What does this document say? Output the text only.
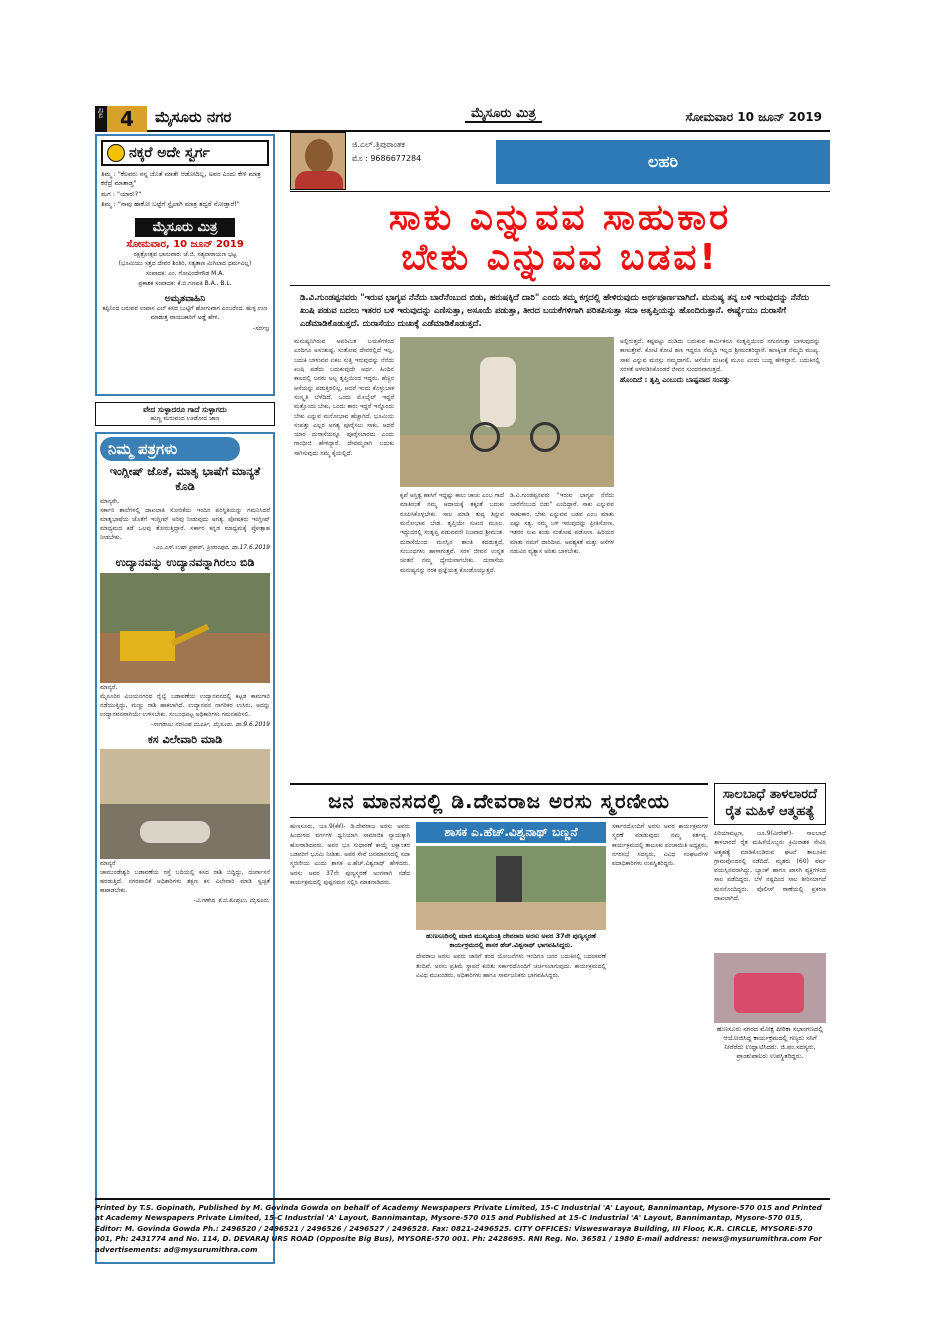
ಪುಟ 4	ಮೈಸೂರು ನಗರ	ಮೈಸೂರು ಮಿತ್ರ	ಸೋಮವಾರ 10 ಜೂನ್ 2019
ನಕ್ಕರೆ ಅದೇ ಸ್ವರ್ಗ
ತಿಮ್ಮ : "ಕೆಲವರು ನನ್ನ ಜೊತೆ ಮಾತೇ ಆಡೋದಿಲ್ಲ, ಅವರ ಎಂದು ಕೇಳಿ ಮಾತ್ರ ಕರೆದ್ರೆ ಮಾತಾಡ್ತ"
ಮಗ : "ಯಾರು?"
ತಿಮ್ಮ : "ನಾವು ಹಾಕೋ ಬಟ್ಟೆಗೆ ಸ್ಟೈಲಾಗಿ ಮಾತ್ರ ತದ್ವರೆ ನೋಡ್ತಾರೆ!"
ಮೈಸೂರು ಮಿತ್ರ
ಸೋಮವಾರ, 10 ಜೂನ್ 2019
ನಕ್ಷತ್ರೋತ್ಸವ ಭಾನುವಾರ: ಜೆ.ಜಿ. ಸತ್ಯನಾರಾಯಣ ಭಟ್ಟ
(ಭೂಮಿಯು ಸತ್ತದ ದೇವರ ಶಿಂತಿರಿ, ಸತ್ಯತಾಣ ಮಿಗಿಲಾದ ಧರ್ಮವಿಲ್ಲ)
ಸಂಪಾದಕ: ಎಂ. ಗೋವಿಂದೇಗೌಡ M.A.
ಪ್ರಕಾಶಕ ಸಂಪಾದಕ: ಕೆ.ಬಿ.ಗಣಪತಿ B.A., B.L.
ಅಮೃತವಾಹಿನಿ
ಕಪ್ಪಿನಿಂದ ಬರುವವ ಉಪಾಸ ಎಲ್ ಕಸದ ಬುಟ್ಟಿಗೆ ಹೋಗುವಾಗ ಎಂಬರೆಂದ. ಹುಳ್ಳ ಉಣ ಮಾಡುತ್ತ ವಾಯುಕಾರಿಗೆ ಅಡ್ಡೆ ಹೇಳಿ.
-ಸರ್ವಜ್ಞ
ವೇದ ಸುಳ್ಳಾದರೂ ಗಾದೆ ಸುಳ್ಳಾಗದು
ಹುಣ್ಣ ಮರುವಂದ ಊಡೋದ ಜಾಣ
ನಿಮ್ಮ ಪತ್ರಗಳು
ಇಂಗ್ಲೀಷ್ ಜೊತೆ, ಮಾತೃ ಭಾಷೆಗೆ ಮಾನ್ಯತೆ ಕೊಡಿ
ಮಾನ್ಯರೇ,
ಸರ್ಕಾರಿ ಶಾಲೆಗಳಲ್ಲಿ ದಾಖಲಾತಿ ಸೋರಿಕೆಯ ಇಂದಿನ ಪರಿಸ್ಥಿತಿಯನ್ನು ಗಮನಿಸಿದರೆ ಮಾತೃಭಾಷೆಯ ಜೊತೆಗೆ ಇಂಗ್ಲೀಷ್ ಅರಿವು ನೀಡುವುದು ಅಗತ್ಯ. ಪೋಷಕರು ಇಂಗ್ಲೀಷ್ ಮಾಧ್ಯಮದ ಕಡೆ ಒಲವು ತೋರುತ್ತಿದ್ದಾರೆ. ಸರ್ಕಾರ ಕನ್ನಡ ಮಾಧ್ಯಮಕ್ಕೆ ಪ್ರೋತ್ಸಾಹ ನೀಡಬೇಕು.
-ಎಂ.ಎಸ್.ಉಷಾ ಪ್ರಕಾಶ್, ಶ್ರೀರಾಂಪುರ, ಡಾ.17.6.2019
ಉದ್ಯಾನವನ್ನು ಉದ್ಯಾನವನ್ನಾಗಿರಲು ಬಿಡಿ
ಮಾನ್ಯರೆ,
ಮೈಸೂರಿನ ವಿಜಯನಗರದ ರೈಲ್ವೆ ಬಡಾವಣೆಯ ಉದ್ಯಾನವನದಲ್ಲಿ ಕಟ್ಟಡ ಕಾಮಗಾರಿ ನಡೆಯುತ್ತಿದ್ದು, ಮಣ್ಣು ರಾಶಿ ಹಾಕಲಾಗಿದೆ. ಉದ್ಯಾನವನ ನಾಗರಿಕರ ಉಸಿರು, ಅದನ್ನು ಉದ್ಯಾನವನವಾಗಿಯೇ ಉಳಿಸಬೇಕು. ಸಂಬಂಧಪಟ್ಟ ಅಧಿಕಾರಿಗಳು ಗಮನಹರಿಸಲಿ.
-ನಾಗರಾಜು ನರಸಿಂಹ ಮೂರ್ತಿ, ಮೈಸೂರು. ಡಾ.9.6.2019
ಕಸ ವಿಲೇವಾರಿ ಮಾಡಿ
ಮಾನ್ಯರೆ
ಚಾಮುಂಡೇಶ್ವರಿ ಬಡಾವಣೆಯ ರಸ್ತೆ ಬದಿಯಲ್ಲಿ ಕಸದ ರಾಶಿ ಬಿದ್ದಿದ್ದು, ದುರ್ವಾಸನೆ ಹರಡುತ್ತಿದೆ. ನಗರಪಾಲಿಕೆ ಅಧಿಕಾರಿಗಳು ತಕ್ಷಣ ಕಸ ವಿಲೇವಾರಿ ಮಾಡಿ ಸ್ವಚ್ಛತೆ ಕಾಪಾಡಬೇಕು.
-ವಿ.ಗಣೇಶ, ಕೆ.ಜಿ.ಕೊಪ್ಪಲು, ಮೈಸೂರು.
ಜಿ.ಎಲ್.ತ್ರಿಪುರಾಂತಕ
ಮೊ : 9686677284	ಲಹರಿ
ಸಾಕು ಎನ್ನುವವ ಸಾಹುಕಾರ
ಬೇಕು ಎನ್ನುವವ ಬಡವ!
ಡಿ.ವಿ.ಗುಂಡಪ್ಪನವರು "ಇರುವ ಭಾಗ್ಯವ ನೆನೆದು ಬಾರೆನೆಂಬುದ ಬಿಡು, ಹರುಷಕ್ಕಿದೆ ದಾರಿ" ಎಂದು ತಮ್ಮ ಕಗ್ಗದಲ್ಲಿ ಹೇಳಿರುವುದು ಅರ್ಥಪೂರ್ಣವಾಗಿದೆ. ಮನುಷ್ಯ ತನ್ನ ಬಳಿ ಇರುವುದನ್ನು ನೆನೆದು ಖುಷಿ ಪಡುವ ಬದಲು ಇತರರ ಬಳಿ ಇರುವುದನ್ನು ಎಣಿಸುತ್ತಾ, ಅಸೂಯೆ ಪಡುತ್ತಾ, ತೀರದ ಬಯಕೆಗಳಿಗಾಗಿ ಪರಿತಪಿಸುತ್ತಾ ಸದಾ ಅತೃಪ್ತಿಯನ್ನು ಹೊಂದಿರುತ್ತಾನೆ. ಈರ್ಷ್ಯೆಯು ದುರಾಸೆಗೆ ಎಡೆಮಾಡಿಕೊಡುತ್ತದೆ. ದುರಾಸೆಯು ದುಃಖಕ್ಕೆ ಎಡೆಮಾಡಿಕೊಡುತ್ತದೆ.
ಮನುಷ್ಯನಿಗಿರುವ ಅಪರಿಮಿತ ಬಯಕೆಗಳಿಂದ ಎಂದಿಗೂ ಅಸಂತುಷ್ಟ. ಸಂತೋಷ ದೇವರಲ್ಲಿದೆ ಇಲ್ಲ, ಬದುಕಿ ಬಾಳುವವ ಏಕಲ ಸುತ್ತಿ ಇರುವುದನ್ನು ನೆನೆದು ಖುಷಿ ಪಡೆದು ಬದುಕುವುದೇ ಅರ್ಥ. ಹಿಂದಿನ ಕಾಲದಲ್ಲಿ ಜನರು ಅಲ್ಪ ತೃಪ್ತಿಯಿಂದ ಇದ್ದರು, ಹೆಚ್ಚಿನ ಆಸೆಯನ್ನು ಪಡುತ್ತಿರಲಿಲ್ಲ. ಆದರೆ ಇಂದು ಕೊಳ್ಳುಬಾಕ ಸಂಸ್ಕೃತಿ ಬೆಳೆದಿದೆ. ಒಂದು ಮೊಬೈಲ್ ಇದ್ದರೆ ಮತ್ತೊಂದು ಬೇಕು, ಒಂದು ಕಾರು ಇದ್ದರೆ ಇನ್ನೊಂದು ಬೇಕು ಎನ್ನುವ ಮನೋಭಾವ ಹೆಚ್ಚಾಗಿದೆ. ಭೂಮಿಯ ಸಂಪತ್ತು ಎಲ್ಲರ ಅಗತ್ಯ ಪೂರೈಸಲು ಸಾಕು, ಆದರೆ ಯಾರ ದುರಾಸೆಯನ್ನೂ ಪೂರೈಸಲಾರದು ಎಂದು ಗಾಂಧೀಜಿ ಹೇಳಿದ್ದಾರೆ. ದೇವಮ್ಮನಾಗಿ ಬದುಕು ಸಾಗಿಸುವುದು ನಮ್ಮ ಕೈಯಲ್ಲಿದೆ.
ಕೃಪೆ ಅಸ್ತಿತ್ವ ಹಾಸಿಗೆ ಇದ್ದಷ್ಟು ಕಾಲು ಚಾಚು ಎಂಬ ಗಾದೆ ಮಾತಿನಂತೆ ನಮ್ಮ ಆದಾಯಕ್ಕೆ ತಕ್ಕಂತೆ ಬದುಕು ರೂಪಿಸಿಕೊಳ್ಳಬೇಕು. ಸಾಲ ಮಾಡಿ ತುಪ್ಪ ತಿನ್ನುವ ಮನೋಭಾವ ಬೇಡ. ತೃಪ್ತಿಯೇ ಸುಖದ ಮೂಲ. ಇದ್ದುದರಲ್ಲಿ ಸಂತೃಪ್ತಿ ಪಡುವವನೇ ನಿಜವಾದ ಶ್ರೀಮಂತ. ದುರಾಸೆಯಿಂದ ಮನಸ್ಸಿನ ಶಾಂತಿ ಕದಡುತ್ತದೆ, ಸಂಬಂಧಗಳು ಹಾಳಾಗುತ್ತವೆ. ಸರಳ ಜೀವನ ಉನ್ನತ ಚಿಂತನೆ ನಮ್ಮ ಧ್ಯೇಯವಾಗಬೇಕು. ದುರಾಸೆಯ ಮನುಷ್ಯನನ್ನು ನರಕ ಪ್ರಜ್ಞೆಯತ್ತ ಕೊಂಡೊಯ್ಯುತ್ತದೆ.
ಡಿ.ವಿ.ಗುಂಡಪ್ಪನವರು "ಇರುವ ಭಾಗ್ಯವ ನೆನೆದು ಬಾರೆನೆಂಬುದ ಬಿಡು" ಎಂದಿದ್ದಾರೆ. ಸಾಕು ಎನ್ನುವವ ಸಾಹುಕಾರ, ಬೇಕು ಎನ್ನುವವ ಬಡವ ಎಂಬ ಮಾತು ಎಷ್ಟು ಸತ್ಯ. ನಮ್ಮ ಬಳಿ ಇರುವುದನ್ನು ಪ್ರೀತಿಸೋಣ, ಇತರರ ಸುಖ ಕಂಡು ಸಂತೋಷ ಪಡೋಣ. ಹಿರಿಯರ ಮಾತು ನಮಗೆ ದಾರಿದೀಪ. ಅವಶ್ಯಕತೆ ಮತ್ತು ಆಸೆಗಳ ನಡುವಿನ ವ್ಯತ್ಯಾಸ ಅರಿತು ಬಾಳಬೇಕು.
ಅಲ್ಲಿರುತ್ತದೆ. ಕಷ್ಟಪಟ್ಟು ದುಡಿದು ಬದುಕುವ ಕಾರ್ಮಿಕನೂ ಸಂತೃಪ್ತಿಯಿಂದ ನಗುನಗುತ್ತಾ ಬಾಳುವುದನ್ನು ಕಾಣುತ್ತೇವೆ. ಕೋಟಿ ಕೋಟಿ ಹಣ ಇದ್ದರೂ ನೆಮ್ಮದಿ ಇಲ್ಲದ ಶ್ರೀಮಂತರಿದ್ದಾರೆ. ಹಣಕ್ಕಿಂತ ನೆಮ್ಮದಿ ಮುಖ್ಯ. ಸಾಕು ಎನ್ನುವ ಮನಸ್ಸು ನಮ್ಮದಾಗಲಿ. ಆಸೆಯೇ ದುಃಖಕ್ಕೆ ಮೂಲ ಎಂದು ಬುದ್ಧ ಹೇಳಿದ್ದಾನೆ. ಬದುಕಿನಲ್ಲಿ ಸರಳತೆ ಅಳವಡಿಸಿಕೊಂಡರೆ ಜೀವನ ಸುಂದರವಾಗುತ್ತದೆ.
ಹೊಂದಿದೆ : ತೃಪ್ತಿ ಎಂಬುದು ಬಾಷ್ಟವಾದ ಸಂಪತ್ತು
ಜನ ಮಾನಸದಲ್ಲಿ ಡಿ.ದೇವರಾಜ ಅರಸು ಸ್ಮರಣೀಯ
ಹುಣಸೂರು, ಜೂ.9(ಕೆಕೆ)- ಡಿ.ದೇವರಾಜ ಅರಸು ಅವರು ಹಿಂದುಳಿದ ವರ್ಗಗಳ ಧ್ವನಿಯಾಗಿ ಸಾಮಾಜಿಕ ನ್ಯಾಯಕ್ಕಾಗಿ ಹೋರಾಡಿದವರು. ಅವರ ಭೂ ಸುಧಾರಣೆ ಕಾಯ್ದೆ ಲಕ್ಷಾಂತರ ಬಡವರಿಗೆ ಭೂಮಿ ನೀಡಿತು. ಅವರ ಸೇವೆ ಜನಮಾನಸದಲ್ಲಿ ಸದಾ ಸ್ಮರಣೀಯ ಎಂದು ಶಾಸಕ ಎ.ಹೆಚ್.ವಿಶ್ವನಾಥ್ ಹೇಳಿದರು. ಅರಸು ಅವರ 37ನೇ ಪುಣ್ಯಸ್ಮರಣೆ ಅಂಗವಾಗಿ ನಡೆದ ಕಾರ್ಯಕ್ರಮದಲ್ಲಿ ಪುಷ್ಪನಮನ ಸಲ್ಲಿಸಿ ಮಾತನಾಡಿದರು.
ಶಾಸಕ ಎ.ಹೆಚ್.ವಿಶ್ವನಾಥ್ ಬಣ್ಣನೆ
ಹುಣಸೂರಿನಲ್ಲಿ ಮಾಜಿ ಮುಖ್ಯಮಂತ್ರಿ ದೇವರಾಜ ಅರಸು ಅವರ 37ನೇ ಪುಣ್ಯಸ್ಮರಣೆ ಕಾರ್ಯಕ್ರಮದಲ್ಲಿ ಶಾಸಕ ಹೆಚ್.ವಿಶ್ವನಾಥ್ ಭಾಗವಹಿಸಿದ್ದರು.
ದೇವರಾಜ ಅರಸು ಅವರು ಜಾರಿಗೆ ತಂದ ಯೋಜನೆಗಳು ಇಂದಿಗೂ ಜನರ ಬದುಕಿನಲ್ಲಿ ಬದಲಾವಣೆ ತಂದಿವೆ. ಅರಸು ಪ್ರತಿಮೆ ಸ್ಥಾಪನೆ ಕುರಿತು ಸರ್ಕಾರದೊಂದಿಗೆ ಚರ್ಚಿಸಲಾಗುವುದು. ಕಾರ್ಯಕ್ರಮದಲ್ಲಿ ವಿವಿಧ ಮುಖಂಡರು, ಅಧಿಕಾರಿಗಳು ಹಾಗೂ ಸಾರ್ವಜನಿಕರು ಭಾಗವಹಿಸಿದ್ದರು.
ಸರ್ಕಾರದೊಂದಿಗೆ ಅರಸು ಅವರ ಕಾರ್ಯಕ್ರಮಗಳ ಸ್ಮರಣೆ ಮಾಡುವುದು ನಮ್ಮ ಕರ್ತವ್ಯ. ಕಾರ್ಯಕ್ರಮದಲ್ಲಿ ತಾಲೂಕು ಪಂಚಾಯಿತಿ ಅಧ್ಯಕ್ಷರು, ನಗರಸಭೆ ಸದಸ್ಯರು, ವಿವಿಧ ಸಂಘಟನೆಗಳ ಪದಾಧಿಕಾರಿಗಳು ಉಪಸ್ಥಿತರಿದ್ದರು.
ಸಾಲಬಾಧೆ ತಾಳಲಾರದೆ ರೈತ ಮಹಿಳೆ ಆತ್ಮಹತ್ಯೆ
ಪಿರಿಯಾಪಟ್ಟಣ, ಜೂ.9(ವೀರೇಶ್)- ಸಾಲಬಾಧೆ ತಾಳಲಾರದೆ ರೈತ ಮಹಿಳೆಯೊಬ್ಬರು ಕ್ರಿಮಿನಾಶಕ ಸೇವಿಸಿ ಆತ್ಮಹತ್ಯೆ ಮಾಡಿಕೊಂಡಿರುವ ಘಟನೆ ತಾಲೂಕಿನ ಗ್ರಾಮವೊಂದರಲ್ಲಿ ನಡೆದಿದೆ. ಮೃತರು (60) ವರ್ಷ ವಯಸ್ಸಿನವರಾಗಿದ್ದು, ಬ್ಯಾಂಕ್ ಹಾಗೂ ಖಾಸಗಿ ವ್ಯಕ್ತಿಗಳಿಂದ ಸಾಲ ಪಡೆದಿದ್ದರು. ಬೆಳೆ ನಷ್ಟದಿಂದ ಸಾಲ ತೀರಿಸಲಾಗದೆ ಮನನೊಂದಿದ್ದರು. ಪೊಲೀಸ್ ಠಾಣೆಯಲ್ಲಿ ಪ್ರಕರಣ ದಾಖಲಾಗಿದೆ.
ಹುಣಸೂರು ನಗರದ ಮೋಕ್ಷ ಪೀಠಿಕಾ ಸಭಾಂಗಣದಲ್ಲಿ ಆಯೋಜಿಸಿದ್ದ ಕಾರ್ಯಕ್ರಮದಲ್ಲಿ ಗಣ್ಯರು ಸಸಿಗೆ ನೀರೆರೆದು ಉದ್ಘಾಟಿಸಿದರು. ಜಿ.ಪಂ.ಸದಸ್ಯರು, ಪ್ರಾಂಶುಪಾಲರು ಉಪಸ್ಥಿತರಿದ್ದರು.
Printed by T.S. Gopinath, Published by M. Govinda Gowda on behalf of Academy Newspapers Private Limited, 15-C Industrial 'A' Layout, Bannimantap, Mysore-570 015 and Printed at Academy Newspapers Private Limited, 15-C Industrial 'A' Layout, Bannimantap, Mysore-570 015 and Published at 15-C Industrial 'A' Layout, Bannimantap, Mysore-570 015, Editor: M. Govinda Gowda Ph.: 2496520 / 2496521 / 2496526 / 2496527 / 2496528. Fax: 0821-2496525. CITY OFFICES: Visweswaraya Building, III Floor, K.R. CIRCLE, MYSORE-570 001, Ph: 2431774 and No. 114, D. DEVARAJ URS ROAD (Opposite Big Bus), MYSORE-570 001. Ph: 2428695. RNI Reg. No. 36581 / 1980 E-mail address: news@mysurumithra.com For advertisements: ad@mysurumithra.com
